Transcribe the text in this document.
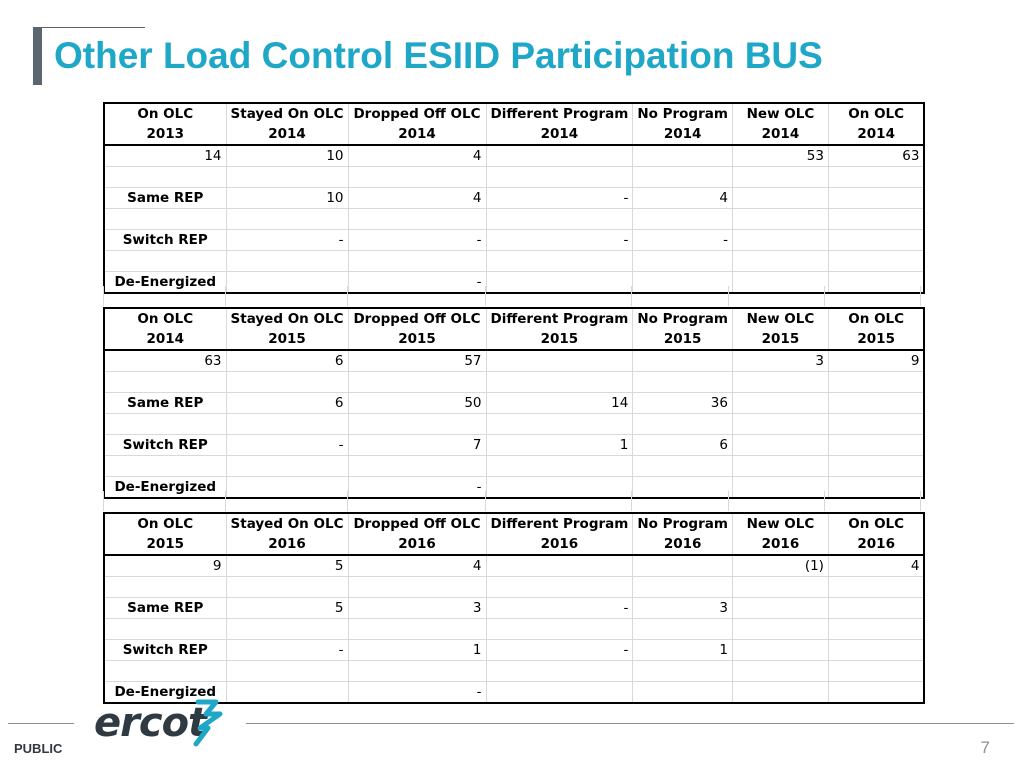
Other Load Control ESIID Participation BUS
On OLC	Stayed On OLC	Dropped Off OLC	Different Program	No Program	New OLC	On OLC
2013	2014	2014	2014	2014	2014	2014
14	10	4			53	63

Same REP	10	4	-	4		

Switch REP	-	-	-	-		

De-Energized		-				

On OLC	Stayed On OLC	Dropped Off OLC	Different Program	No Program	New OLC	On OLC
2014	2015	2015	2015	2015	2015	2015
63	6	57			3	9

Same REP	6	50	14	36		

Switch REP	-	7	1	6		

De-Energized		-				

On OLC	Stayed On OLC	Dropped Off OLC	Different Program	No Program	New OLC	On OLC
2015	2016	2016	2016	2016	2016	2016
9	5	4			(1)	4

Same REP	5	3	-	3		

Switch REP	-	1	-	1		

De-Energized		-				
ercot
PUBLIC	7
